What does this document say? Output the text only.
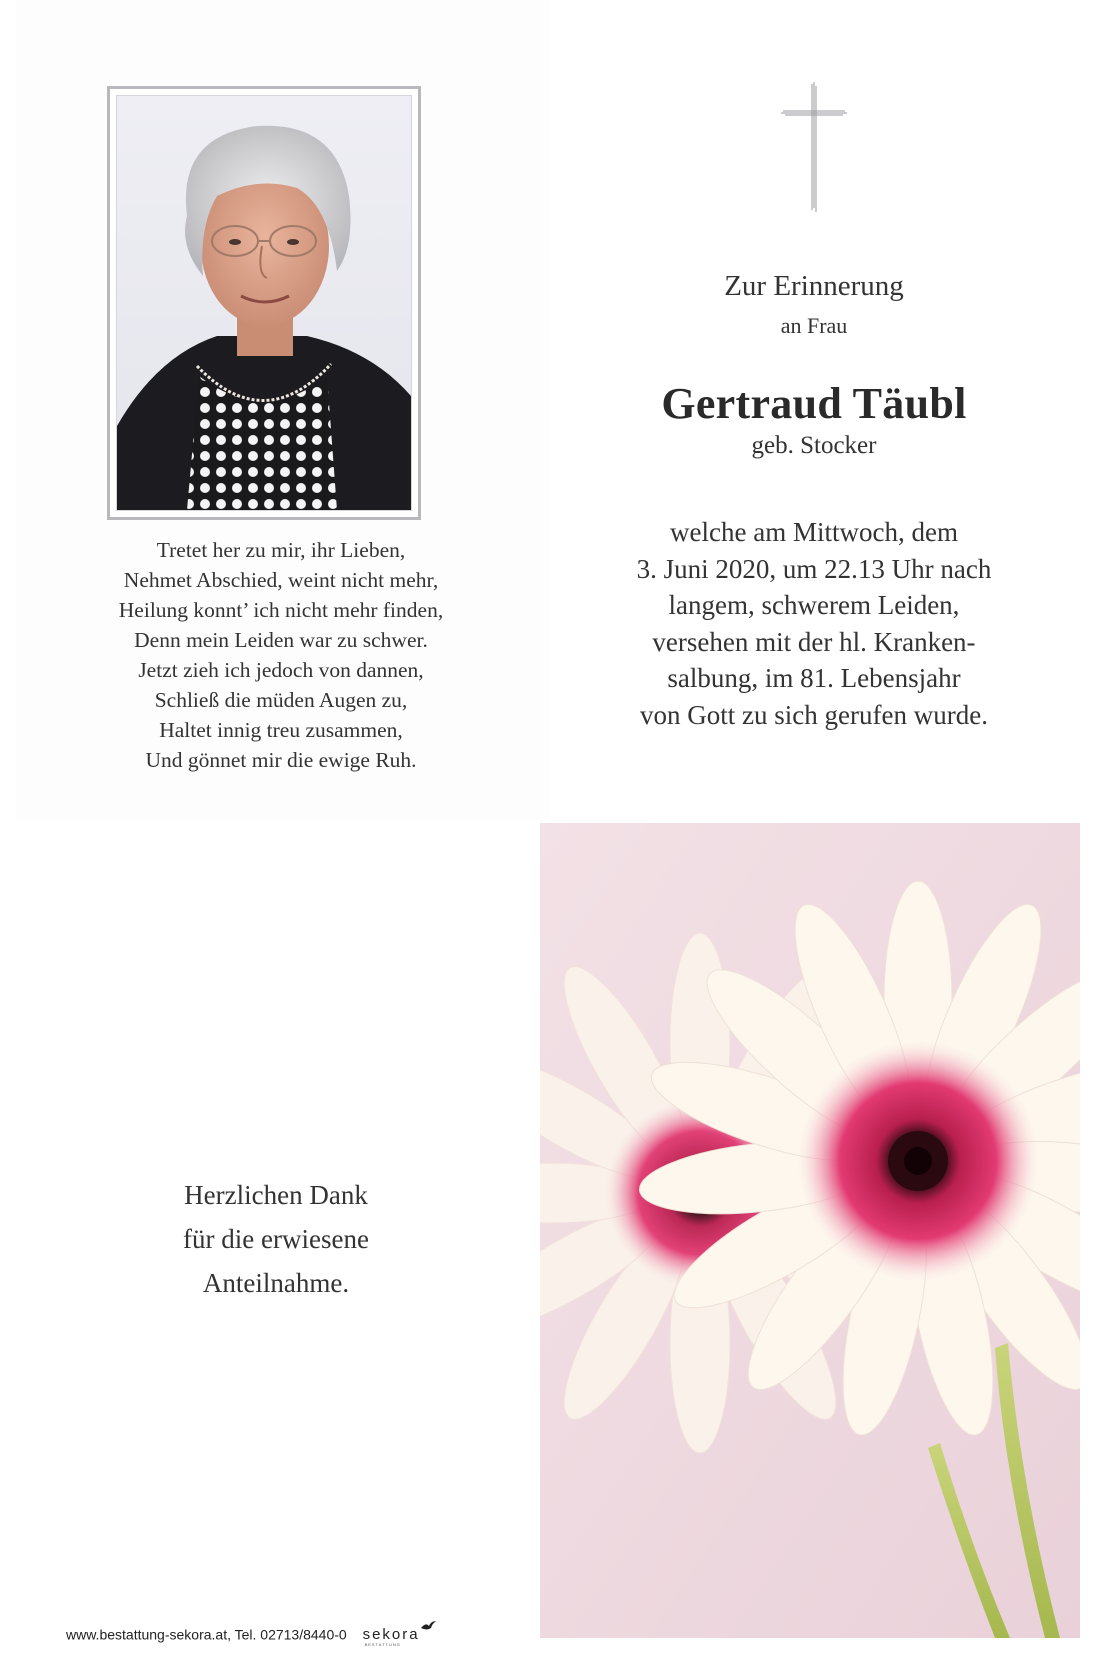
Tretet her zu mir, ihr Lieben,
Nehmet Abschied, weint nicht mehr,
Heilung konnt’ ich nicht mehr finden,
Denn mein Leiden war zu schwer.
Jetzt zieh ich jedoch von dannen,
Schließ die müden Augen zu,
Haltet innig treu zusammen,
Und gönnet mir die ewige Ruh.
Zur Erinnerung
an Frau
Gertraud Täubl
geb. Stocker
welche am Mittwoch, dem
3. Juni 2020, um 22.13 Uhr nach
langem, schwerem Leiden,
versehen mit der hl. Kranken-
salbung, im 81. Lebensjahr
von Gott zu sich gerufen wurde.
Herzlichen Dank
für die erwiesene
Anteilnahme.
www.bestattung-sekora.at, Tel. 02713/8440-0 sekora
BESTATTUNG
